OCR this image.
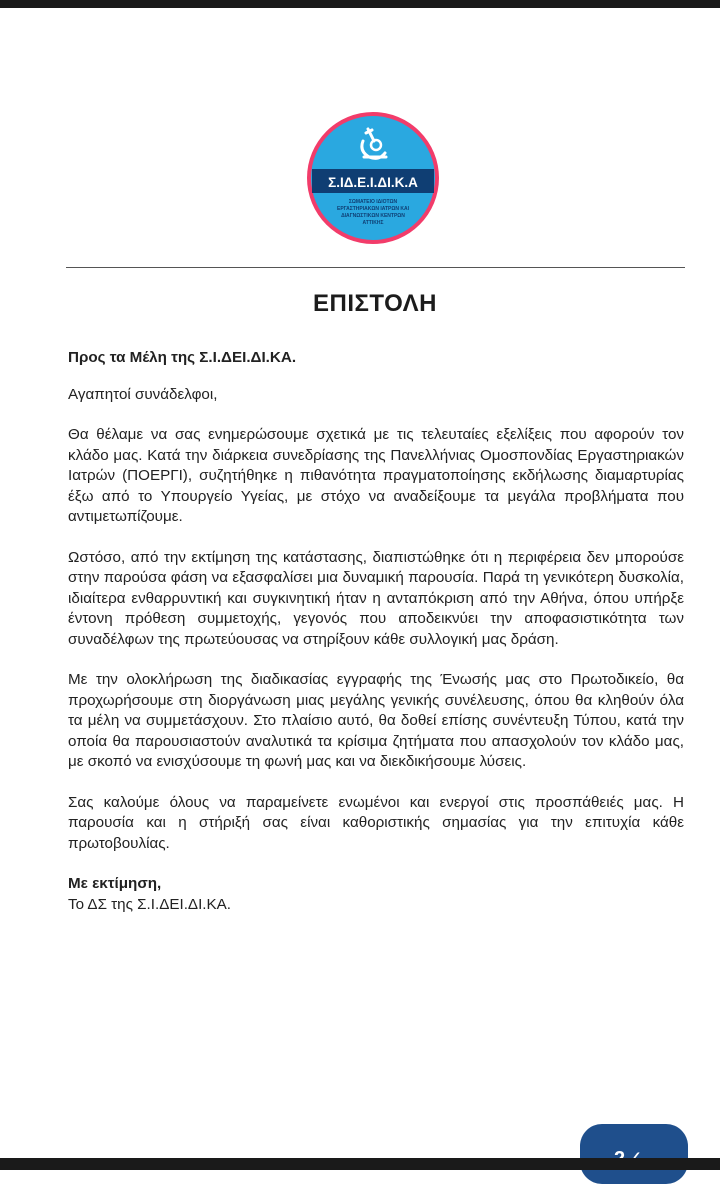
Σ.ΙΔ.Ε.Ι.ΔΙ.Κ.Α
ΣΩΜΑΤΕΙΟ ΙΔΙΟΤΩΝ
ΕΡΓΑΣΤΗΡΙΑΚΩΝ ΙΑΤΡΩΝ ΚΑΙ
ΔΙΑΓΝΩΣΤΙΚΩΝ ΚΕΝΤΡΩΝ
ΑΤΤΙΚΗΣ
ΕΠΙΣΤΟΛΗ

Προς τα Μέλη της Σ.Ι.ΔΕΙ.ΔΙ.ΚΑ.

Αγαπητοί συνάδελφοι,

Θα θέλαμε να σας ενημερώσουμε σχετικά με τις τελευταίες εξελίξεις που αφορούν τον κλάδο μας. Κατά την διάρκεια συνεδρίασης της Πανελλήνιας Ομοσπονδίας Εργαστηριακών Ιατρών (ΠΟΕΡΓΙ), συζητήθηκε η πιθανότητα πραγματοποίησης εκδήλωσης διαμαρτυρίας έξω από το Υπουργείο Υγείας, με στόχο να αναδείξουμε τα μεγάλα προβλήματα που αντιμετωπίζουμε.

Ωστόσο, από την εκτίμηση της κατάστασης, διαπιστώθηκε ότι η περιφέρεια δεν μπορούσε στην παρούσα φάση να εξασφαλίσει μια δυναμική παρουσία. Παρά τη γενικότερη δυσκολία, ιδιαίτερα ενθαρρυντική και συγκινητική ήταν η ανταπόκριση από την Αθήνα, όπου υπήρξε έντονη πρόθεση συμμετοχής, γεγονός που αποδεικνύει την αποφασιστικότητα των συναδέλφων της πρωτεύουσας να στηρίξουν κάθε συλλογική μας δράση.

Με την ολοκλήρωση της διαδικασίας εγγραφής της Ένωσής μας στο Πρωτοδικείο, θα προχωρήσουμε στη διοργάνωση μιας μεγάλης γενικής συνέλευσης, όπου θα κληθούν όλα τα μέλη να συμμετάσχουν. Στο πλαίσιο αυτό, θα δοθεί επίσης συνέντευξη Τύπου, κατά την οποία θα παρουσιαστούν αναλυτικά τα κρίσιμα ζητήματα που απασχολούν τον κλάδο μας, με σκοπό να ενισχύσουμε τη φωνή μας και να διεκδικήσουμε λύσεις.

Σας καλούμε όλους να παραμείνετε ενωμένοι και ενεργοί στις προσπάθειές μας. Η παρουσία και η στήριξή σας είναι καθοριστικής σημασίας για την επιτυχία κάθε πρωτοβουλίας.

Με εκτίμηση,

Το ΔΣ της Σ.Ι.ΔΕΙ.ΔΙ.ΚΑ.
